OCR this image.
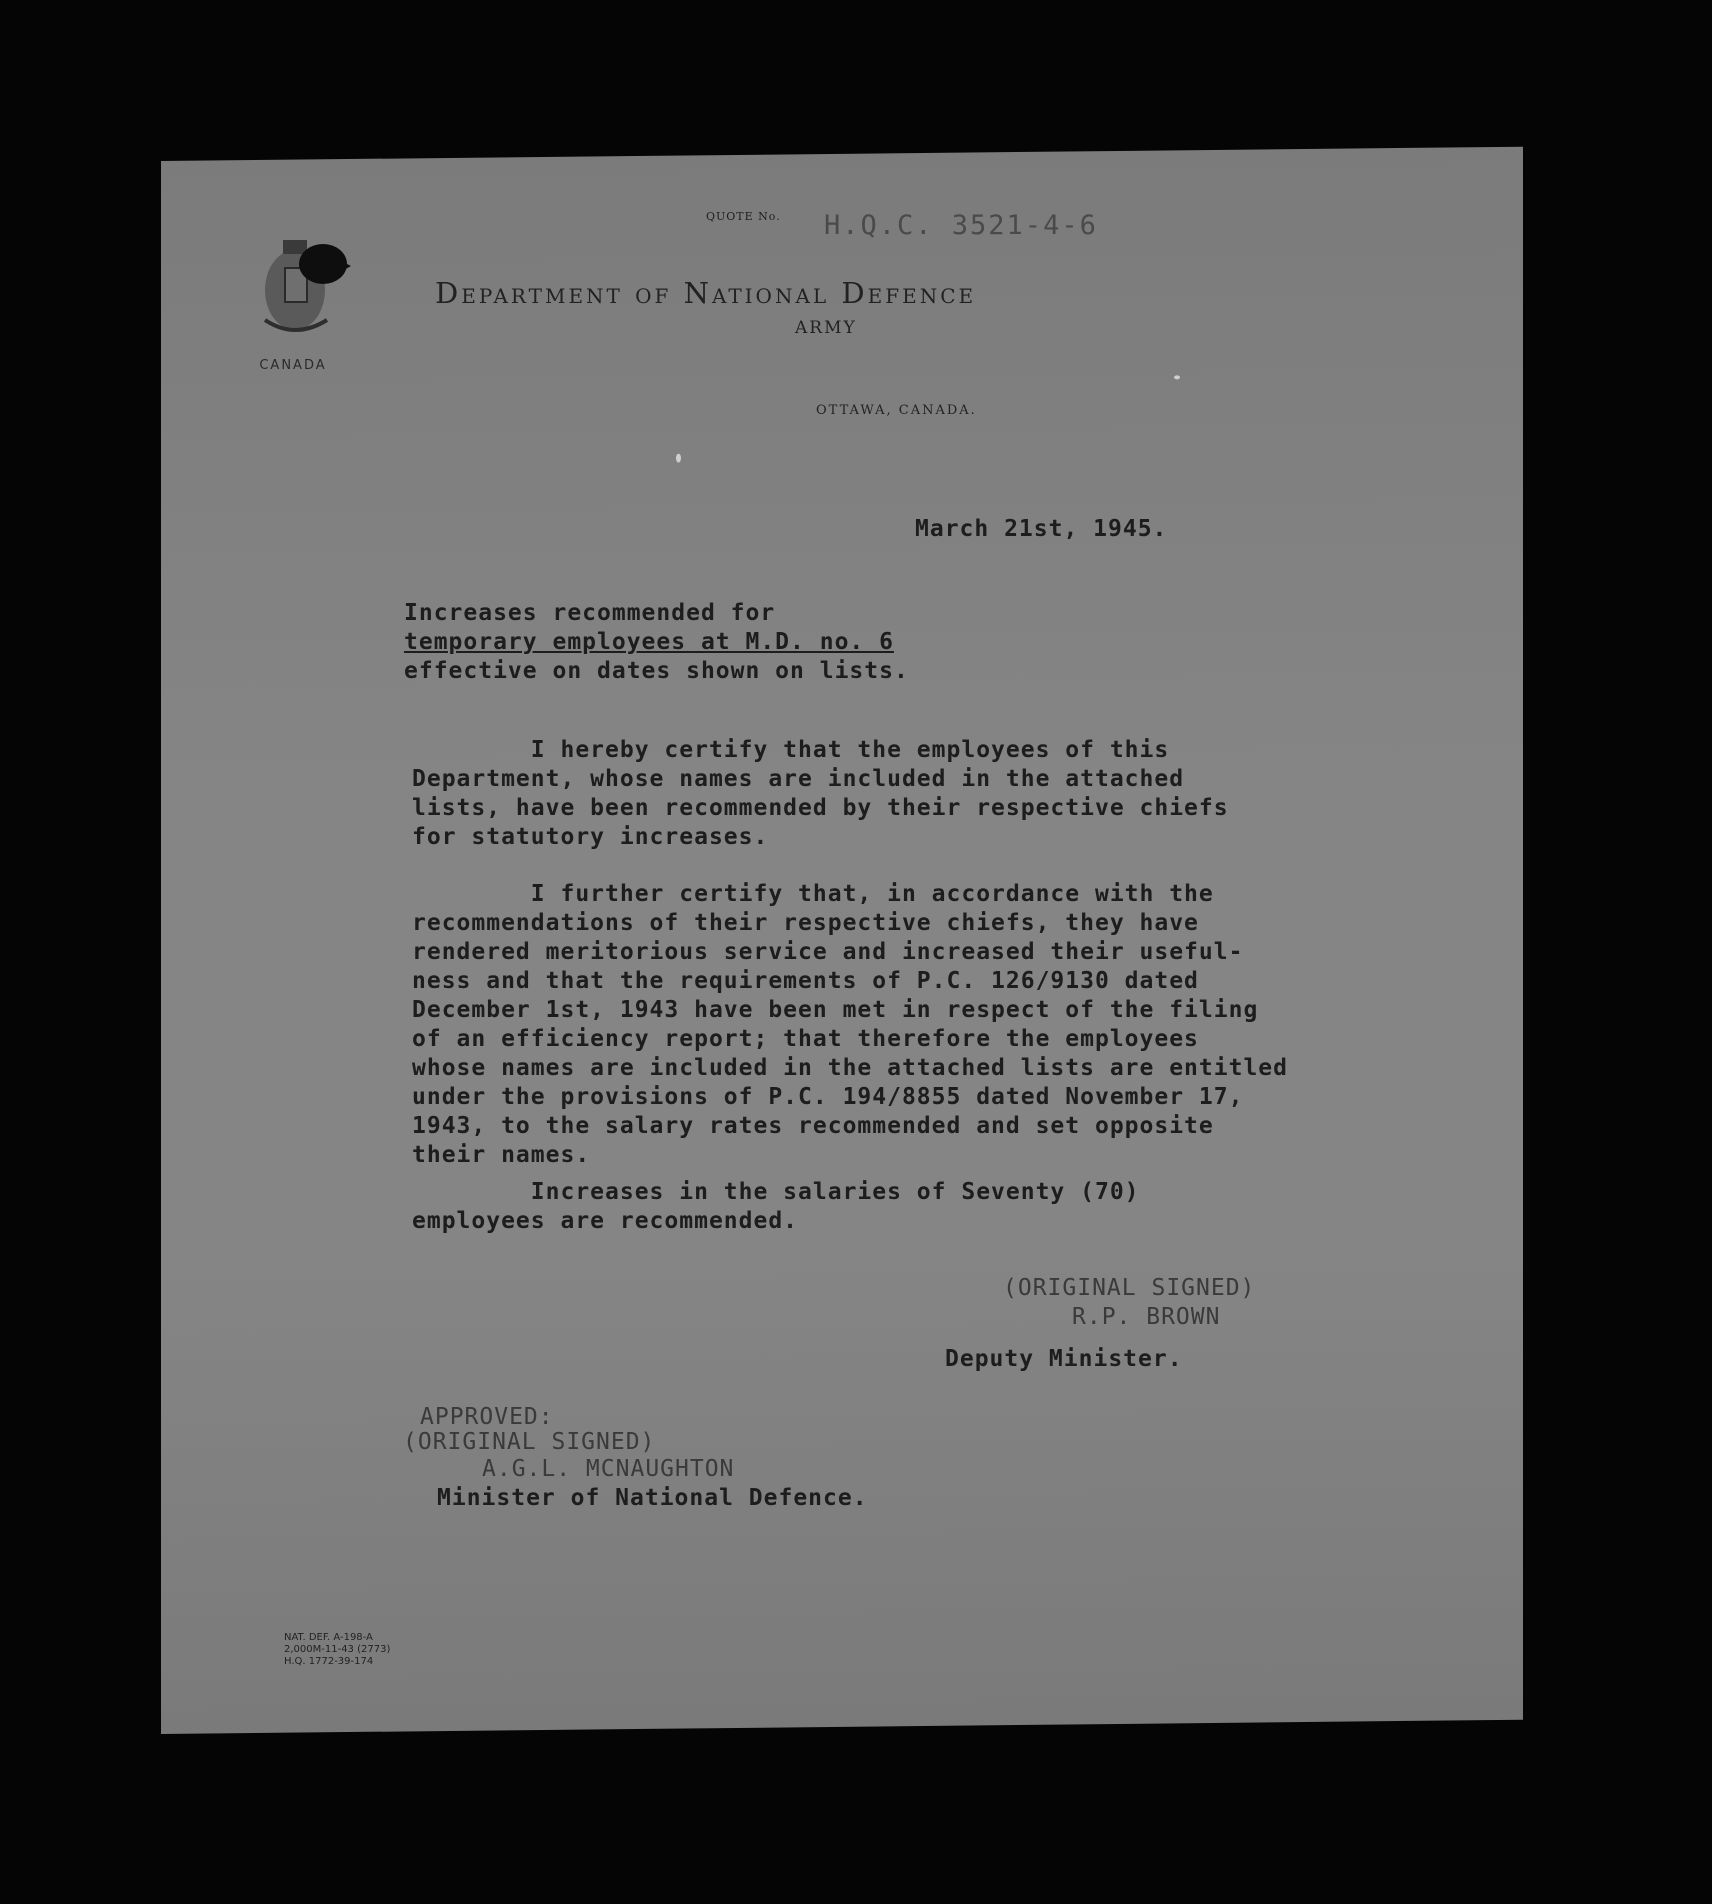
CANADA
QUOTE No. H.Q.C. 3521-4-6
Department of National Defence
ARMY
OTTAWA, CANADA.
March 21st, 1945.
Increases recommended for
temporary employees at M.D. no. 6
effective on dates shown on lists.
I hereby certify that the employees of this
Department, whose names are included in the attached
lists, have been recommended by their respective chiefs
for statutory increases.
I further certify that, in accordance with the
recommendations of their respective chiefs, they have
rendered meritorious service and increased their useful-
ness and that the requirements of P.C. 126/9130 dated
December 1st, 1943 have been met in respect of the filing
of an efficiency report; that therefore the employees
whose names are included in the attached lists are entitled
under the provisions of P.C. 194/8855 dated November 17,
1943, to the salary rates recommended and set opposite
their names.
Increases in the salaries of Seventy (70)
employees are recommended.
(ORIGINAL SIGNED)
R.P. BROWN
Deputy Minister.
APPROVED:
(ORIGINAL SIGNED)
A.G.L. MCNAUGHTON
Minister of National Defence.
NAT. DEF. A-198-A
2,000M-11-43 (2773)
H.Q. 1772-39-174
